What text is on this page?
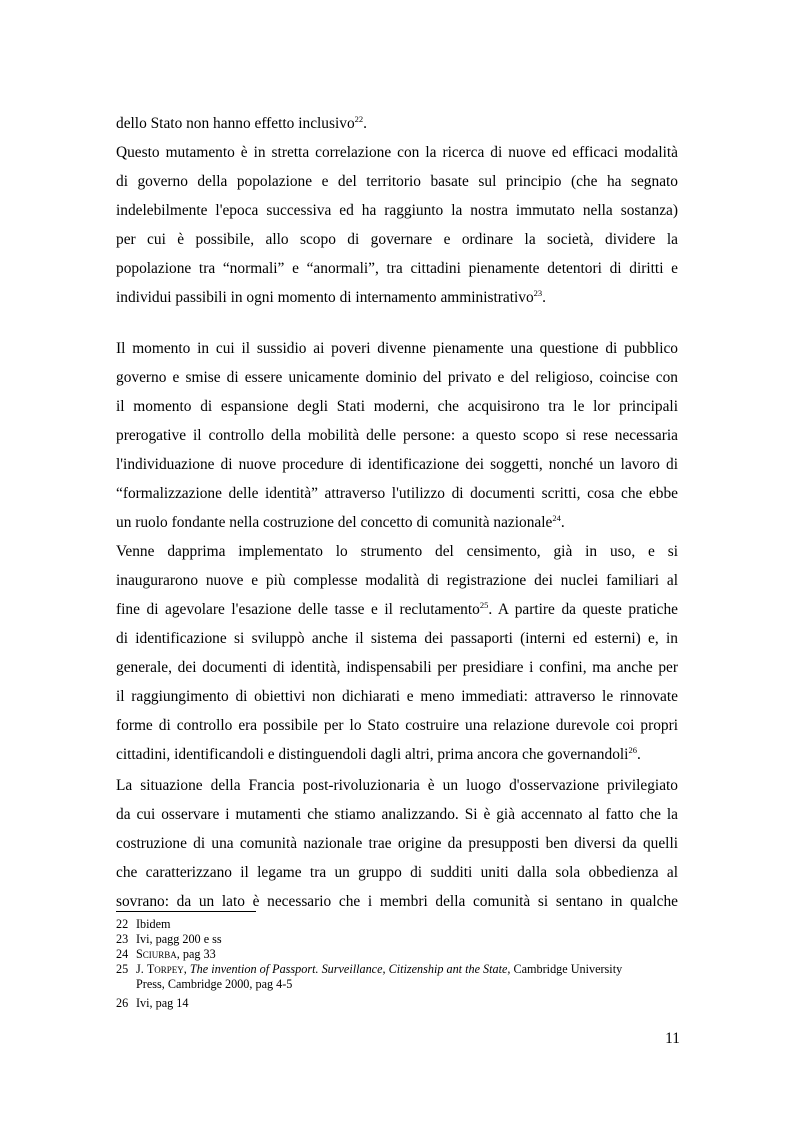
dello Stato non hanno effetto inclusivo$^{22}$.
Questo mutamento è in stretta correlazione con la ricerca di nuove ed efficaci modalità
di governo della popolazione e del territorio basate sul principio (che ha segnato
indelebilmente l'epoca successiva ed ha raggiunto la nostra immutato nella sostanza)
per cui è possibile, allo scopo di governare e ordinare la società, dividere la
popolazione tra “normali” e “anormali”, tra cittadini pienamente detentori di diritti e
individui passibili in ogni momento di internamento amministrativo$^{23}$.
Il momento in cui il sussidio ai poveri divenne pienamente una questione di pubblico
governo e smise di essere unicamente dominio del privato e del religioso, coincise con
il momento di espansione degli Stati moderni, che acquisirono tra le lor principali
prerogative il controllo della mobilità delle persone: a questo scopo si rese necessaria
l'individuazione di nuove procedure di identificazione dei soggetti, nonché un lavoro di
“formalizzazione delle identità” attraverso l'utilizzo di documenti scritti, cosa che ebbe
un ruolo fondante nella costruzione del concetto di comunità nazionale$^{24}$.
Venne dapprima implementato lo strumento del censimento, già in uso, e si
inaugurarono nuove e più complesse modalità di registrazione dei nuclei familiari al
fine di agevolare l'esazione delle tasse e il reclutamento$^{25}$. A partire da queste pratiche
di identificazione si sviluppò anche il sistema dei passaporti (interni ed esterni) e, in
generale, dei documenti di identità, indispensabili per presidiare i confini, ma anche per
il raggiungimento di obiettivi non dichiarati e meno immediati: attraverso le rinnovate
forme di controllo era possibile per lo Stato costruire una relazione durevole coi propri
cittadini, identificandoli e distinguendoli dagli altri, prima ancora che governandoli$^{26}$.
La situazione della Francia post-rivoluzionaria è un luogo d'osservazione privilegiato
da cui osservare i mutamenti che stiamo analizzando. Si è già accennato al fatto che la
costruzione di una comunità nazionale trae origine da presupposti ben diversi da quelli
che caratterizzano il legame tra un gruppo di sudditi uniti dalla sola obbedienza al
sovrano: da un lato è necessario che i membri della comunità si sentano in qualche
22 Ibidem
23 Ivi, pagg 200 e ss
24 Sciurba, pag 33
25 J. Torpey, The invention of Passport. Surveillance, Citizenship ant the State, Cambridge University
Press, Cambridge 2000, pag 4-5
26 Ivi, pag 14
11
